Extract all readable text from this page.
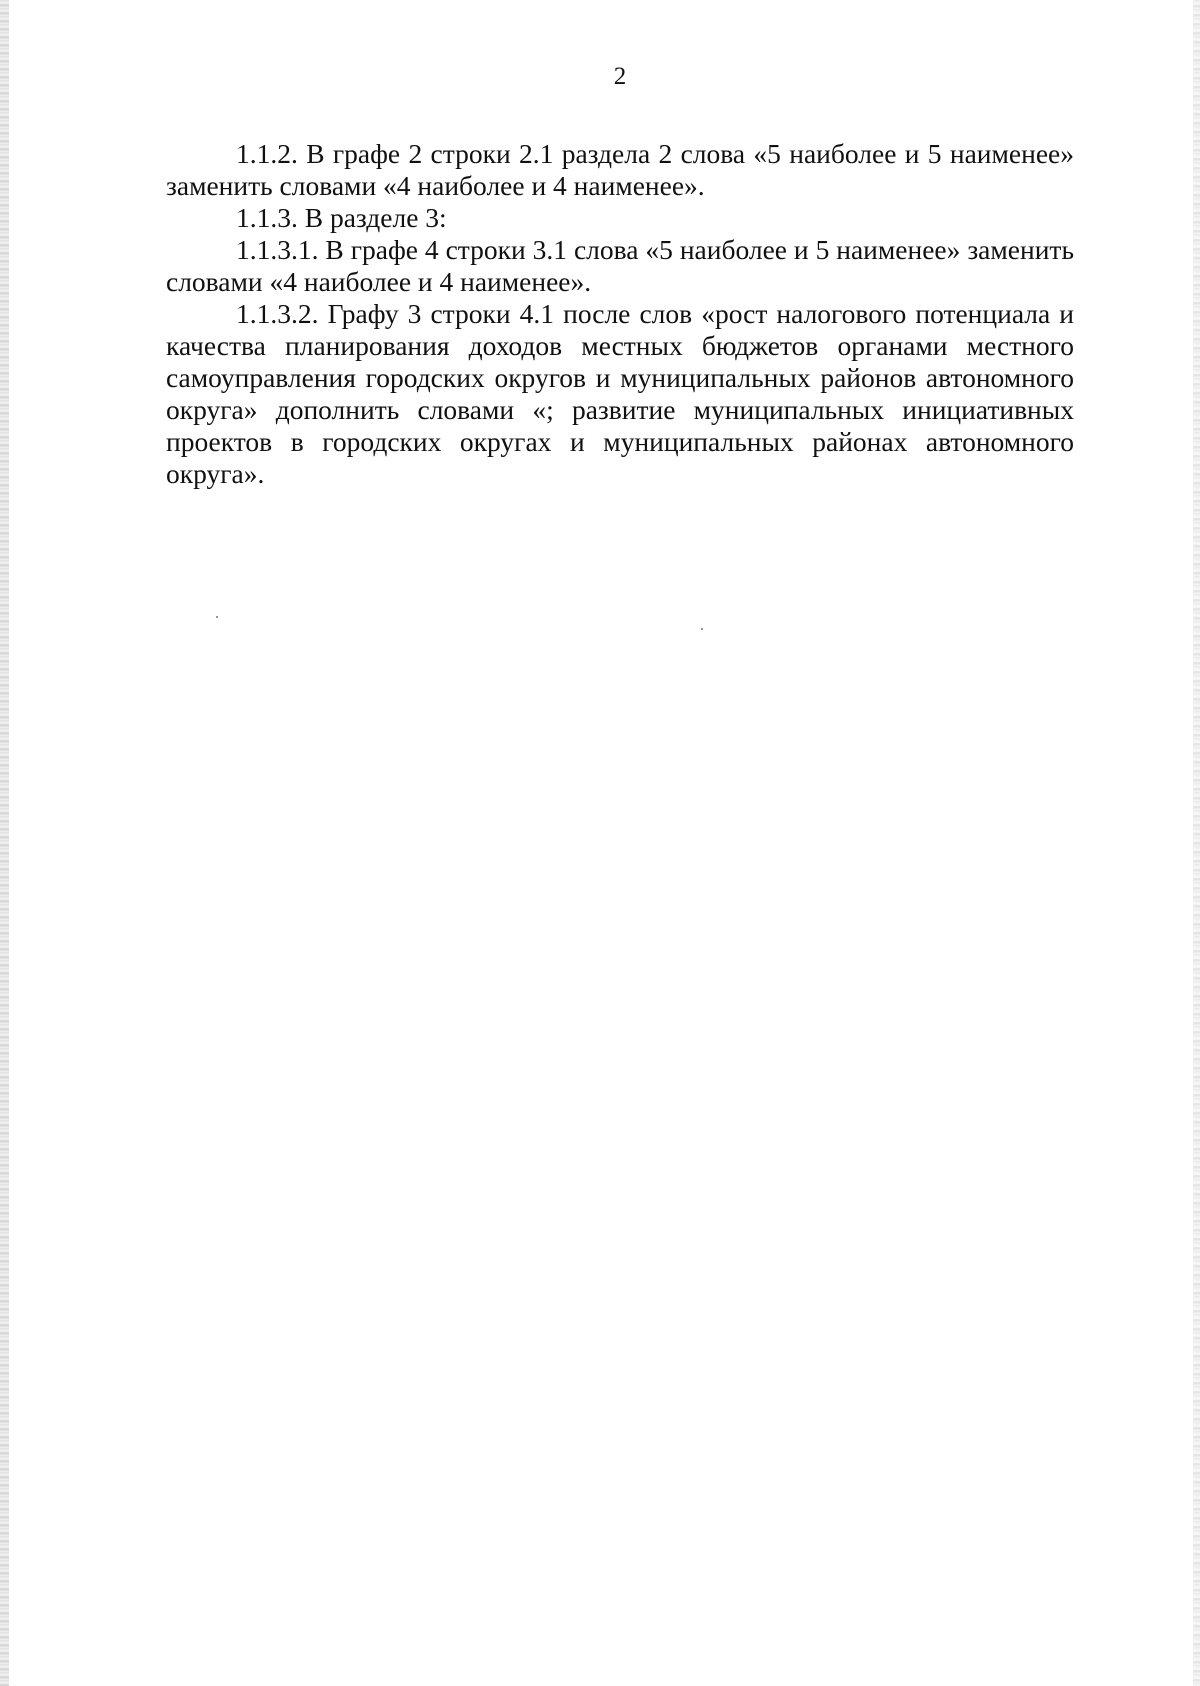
2

1.1.2. В графе 2 строки 2.1 раздела 2 слова «5 наиболее и 5 наименее» заменить словами «4 наиболее и 4 наименее».

1.1.3. В разделе 3:

1.1.3.1. В графе 4 строки 3.1 слова «5 наиболее и 5 наименее» заменить словами «4 наиболее и 4 наименее».

1.1.3.2. Графу 3 строки 4.1 после слов «рост налогового потенциала и качества планирования доходов местных бюджетов органами местного самоуправления городских округов и муниципальных районов автономного округа» дополнить словами «; развитие муниципальных инициативных проектов в городских округах и муниципальных районах автономного округа».
